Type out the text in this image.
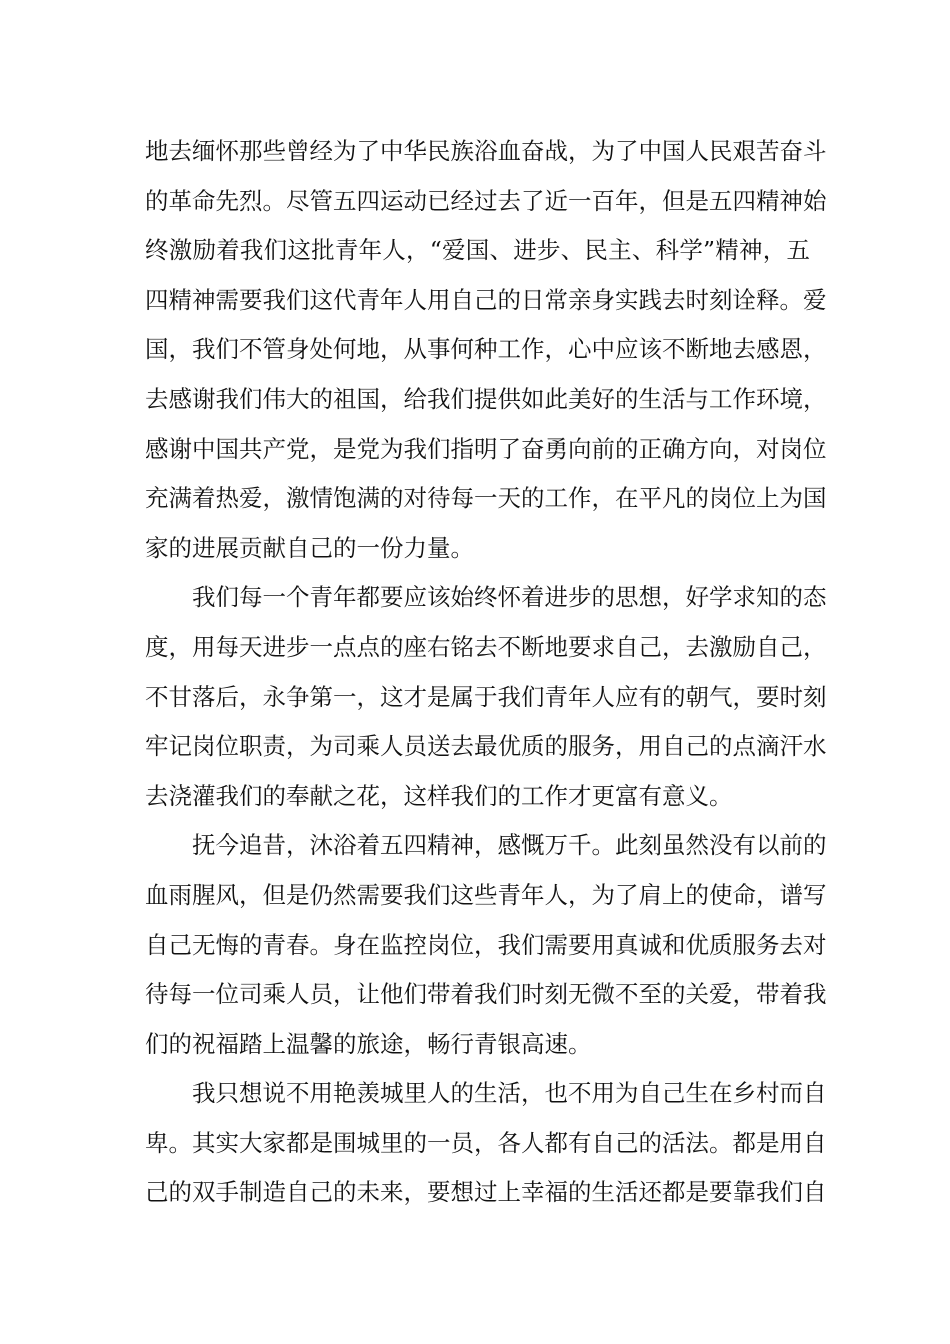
地去缅怀那些曾经为了中华民族浴血奋战，为了中国人民艰苦奋斗
的革命先烈。尽管五四运动已经过去了近一百年，但是五四精神始
终激励着我们这批青年人，“爱国、进步、民主、科学”精神，五
四精神需要我们这代青年人用自己的日常亲身实践去时刻诠释。爱
国，我们不管身处何地，从事何种工作，心中应该不断地去感恩，
去感谢我们伟大的祖国，给我们提供如此美好的生活与工作环境，
感谢中国共产党，是党为我们指明了奋勇向前的正确方向，对岗位
充满着热爱，激情饱满的对待每一天的工作，在平凡的岗位上为国
家的进展贡献自己的一份力量。
我们每一个青年都要应该始终怀着进步的思想，好学求知的态
度，用每天进步一点点的座右铭去不断地要求自己，去激励自己，
不甘落后，永争第一，这才是属于我们青年人应有的朝气，要时刻
牢记岗位职责，为司乘人员送去最优质的服务，用自己的点滴汗水
去浇灌我们的奉献之花，这样我们的工作才更富有意义。
抚今追昔，沐浴着五四精神，感慨万千。此刻虽然没有以前的
血雨腥风，但是仍然需要我们这些青年人，为了肩上的使命，谱写
自己无悔的青春。身在监控岗位，我们需要用真诚和优质服务去对
待每一位司乘人员，让他们带着我们时刻无微不至的关爱，带着我
们的祝福踏上温馨的旅途，畅行青银高速。
我只想说不用艳羡城里人的生活，也不用为自己生在乡村而自
卑。其实大家都是围城里的一员，各人都有自己的活法。都是用自
己的双手制造自己的未来，要想过上幸福的生活还都是要靠我们自
